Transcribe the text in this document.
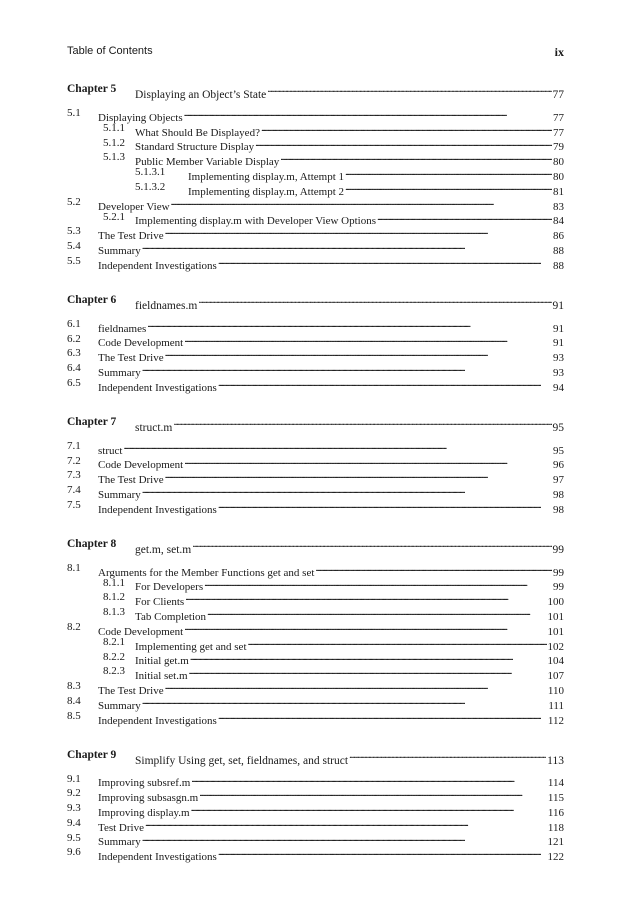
Table of Contents	ix
Chapter 5 Displaying an Object’s State . . .	77
5.1 Displaying Objects . . .	77
5.1.1 What Should Be Displayed? . . .	77
5.1.2 Standard Structure Display . . .	79
5.1.3 Public Member Variable Display . . .	80
5.1.3.1 Implementing display.m, Attempt 1 . . .	80
5.1.3.2 Implementing display.m, Attempt 2 . . .	81
5.2 Developer View . . .	83
5.2.1 Implementing display.m with Developer View Options . . .	84
5.3 The Test Drive . . .	86
5.4 Summary . . .	88
5.5 Independent Investigations . . .	88
Chapter 6 fieldnames.m . . .	91
6.1 fieldnames . . .	91
6.2 Code Development . . .	91
6.3 The Test Drive . . .	93
6.4 Summary . . .	93
6.5 Independent Investigations . . .	94
Chapter 7 struct.m . . .	95
7.1 struct . . .	95
7.2 Code Development . . .	96
7.3 The Test Drive . . .	97
7.4 Summary . . .	98
7.5 Independent Investigations . . .	98
Chapter 8 get.m, set.m . . .	99
8.1 Arguments for the Member Functions get and set . . .	99
8.1.1 For Developers . . .	99
8.1.2 For Clients . . .	100
8.1.3 Tab Completion . . .	101
8.2 Code Development . . .	101
8.2.1 Implementing get and set . . .	102
8.2.2 Initial get.m . . .	104
8.2.3 Initial set.m . . .	107
8.3 The Test Drive . . .	110
8.4 Summary . . .	111
8.5 Independent Investigations . . .	112
Chapter 9 Simplify Using get, set, fieldnames, and struct . . .	113
9.1 Improving subsref.m . . .	114
9.2 Improving subsasgn.m . . .	115
9.3 Improving display.m . . .	116
9.4 Test Drive . . .	118
9.5 Summary . . .	121
9.6 Independent Investigations . . .	122
